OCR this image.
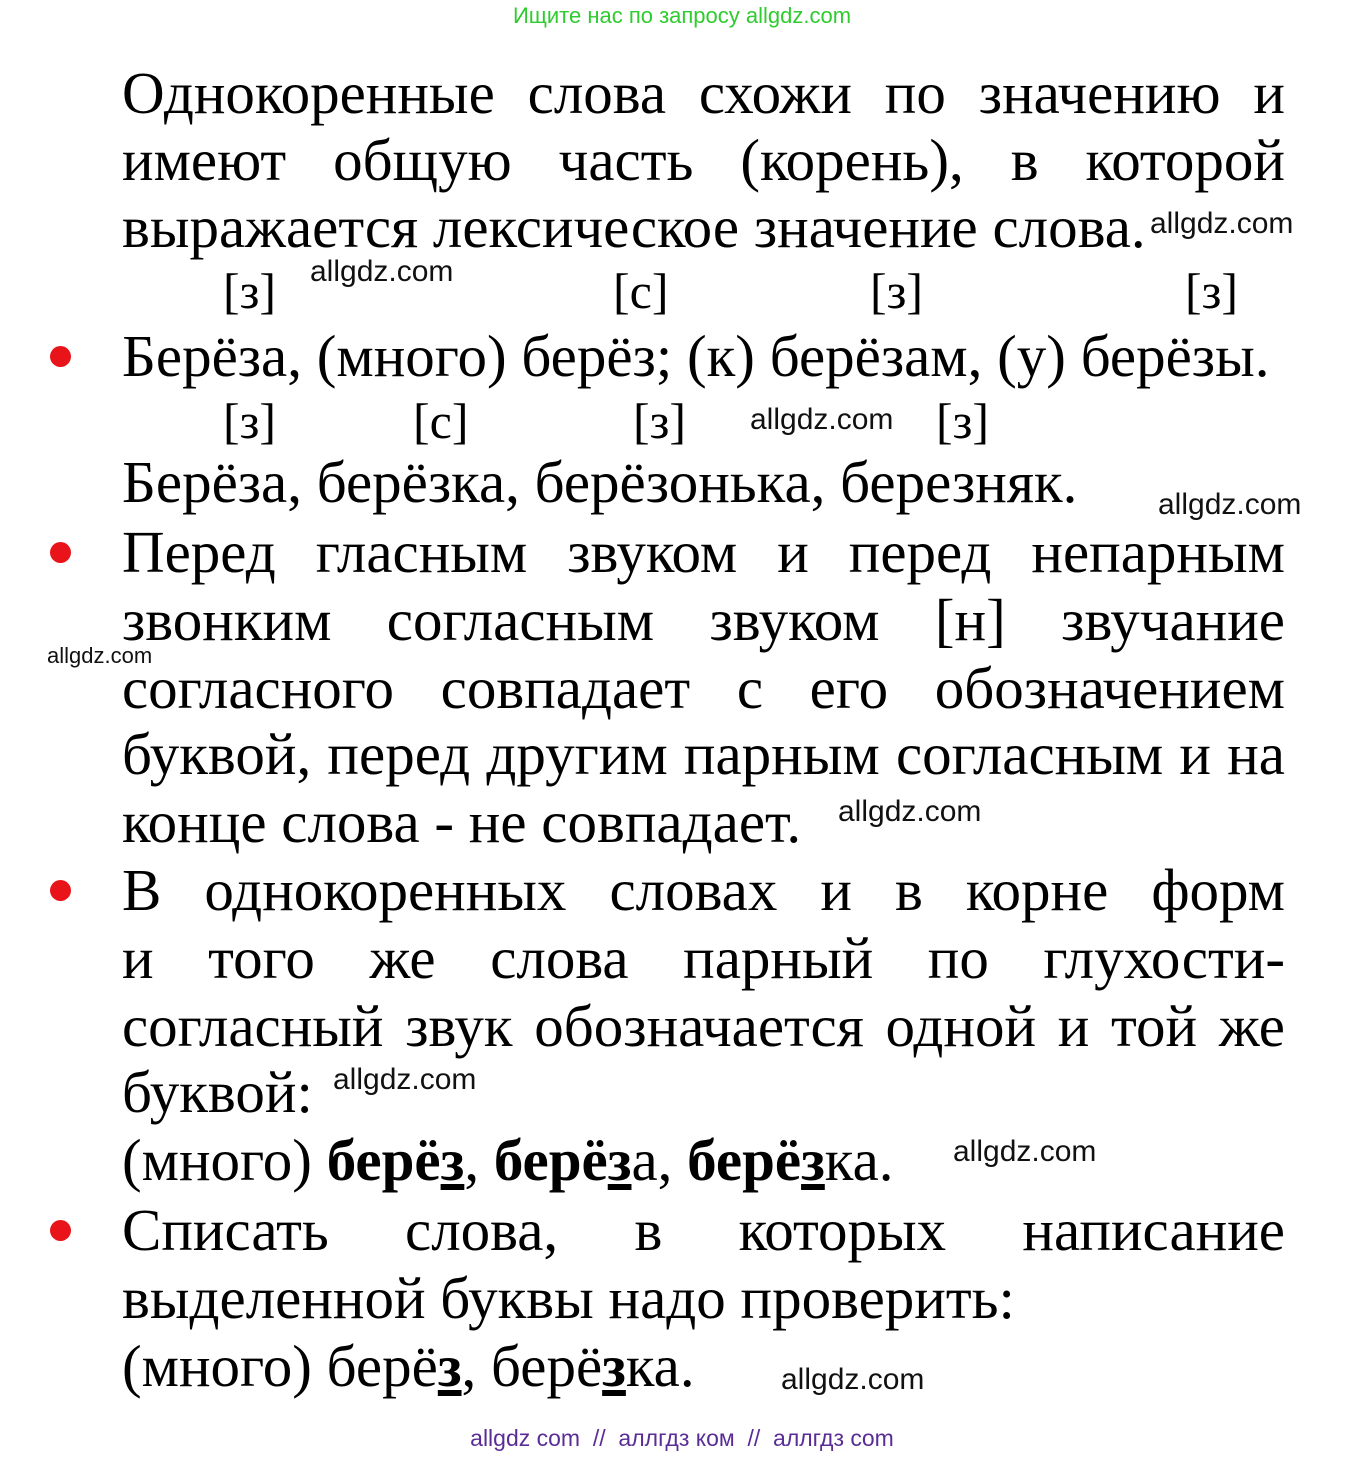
Ищите нас по запросу allgdz.com
Однокоренные слова схожи по значению и
имеют общую часть (корень), в которой
выражается лексическое значение слова.
[з]	[с]	[з]	[з]
Берёза, (много) берёз; (к) берёзам, (у) берёзы.
[з]	[с]	[з]	[з]
Берёза, берёзка, берёзонька, березняк.
Перед гласным звуком и перед непарным
звонким согласным звуком [н] звучание
согласного совпадает с его обозначением
буквой, перед другим парным согласным и на
конце слова - не совпадает.
В однокоренных словах и в корне форм
и того же слова парный по глухости-
согласный звук обозначается одной и той же
буквой:
(много) берёз, берёза, берёзка.
Списать слова, в которых написание
выделенной буквы надо проверить:
(много) берёз, берёзка.
allgdz.com
allgdz.com
allgdz.com
allgdz.com
allgdz.com
allgdz.com
allgdz.com
allgdz.com
allgdz.com
allgdz com  //  аллгдз ком  //  аллгдз com
